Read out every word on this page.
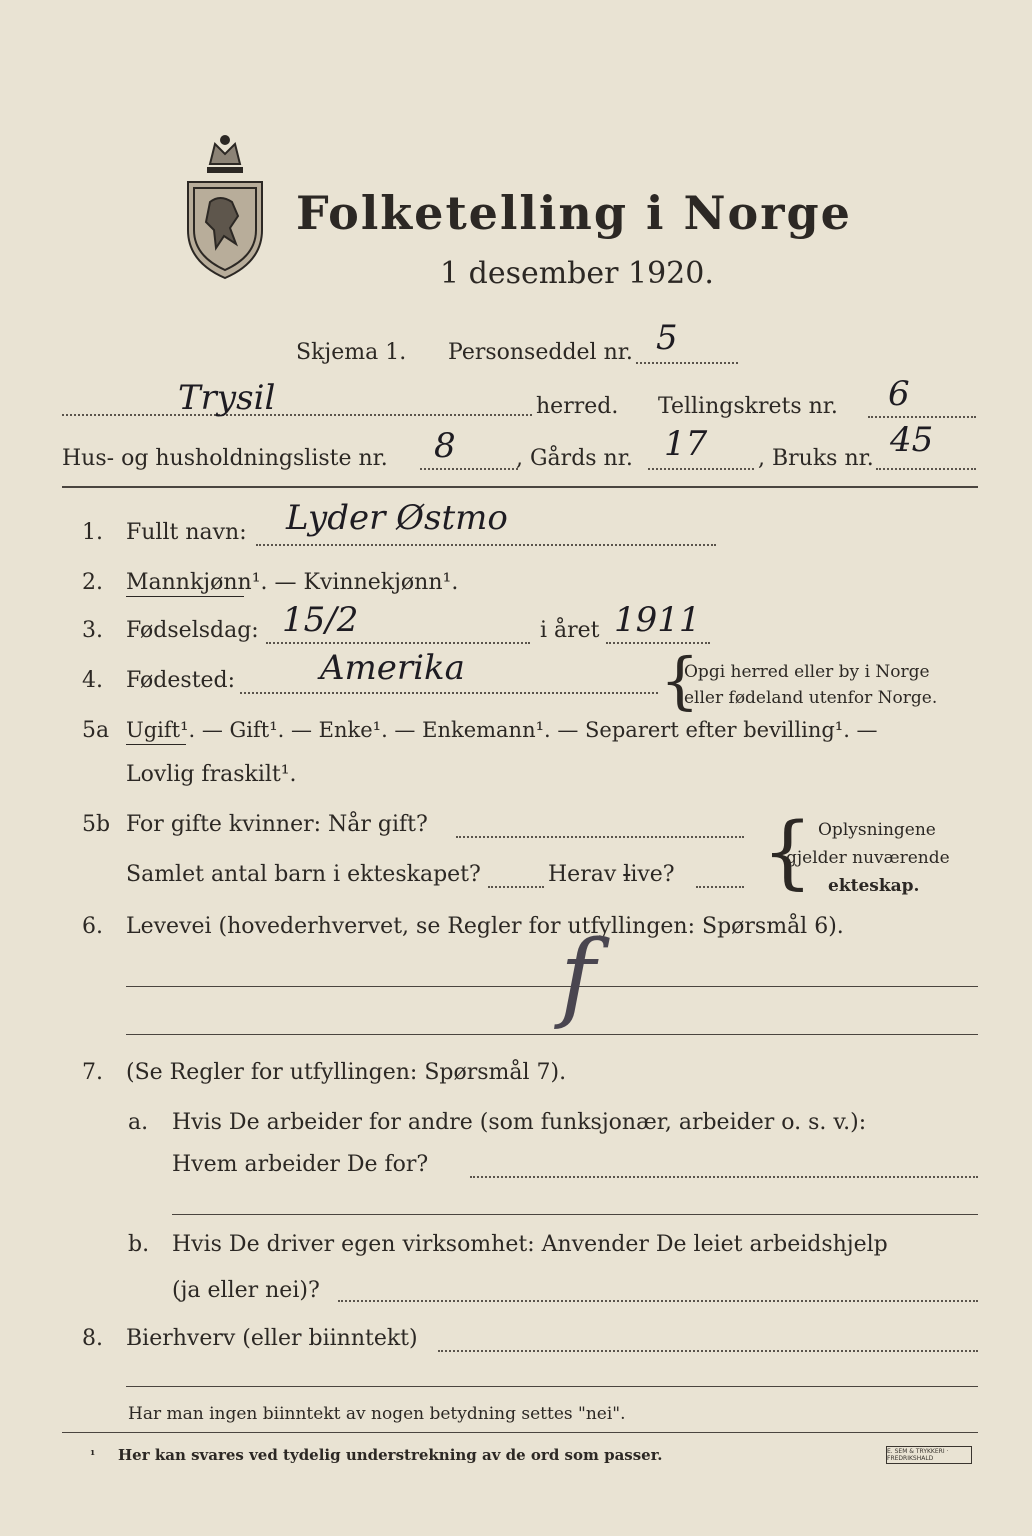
Folketelling i Norge
1 desember 1920.
Skjema 1. Personseddel nr. 5
Trysil	herred. Tellingskrets nr. 6
Hus- og husholdningsliste nr. 8	, Gårds nr. 17 , Bruks nr. 45
1. Fullt navn: Lyder Østmo
2. Mannkjønn¹. — Kvinnekjønn¹.
3. Fødselsdag: 15/2	i året 1911
4. Fødested: Amerika	{
Opgi herred eller by i Norge
eller fødeland utenfor Norge.
5a Ugift¹. — Gift¹. — Enke¹. — Enkemann¹. — Separert efter bevilling¹. —
Lovlig fraskilt¹.
5b For gifte kvinner: Når gift?
Samlet antal barn i ekteskapet?	Herav live? { Oplysningene
gjelder nuværende
ekteskap.
6. Levevei (hovederhvervet, se Regler for utfyllingen: Spørsmål 6).
f
7. (Se Regler for utfyllingen: Spørsmål 7).
a. Hvis De arbeider for andre (som funksjonær, arbeider o. s. v.):
Hvem arbeider De for?
b. Hvis De driver egen virksomhet: Anvender De leiet arbeidshjelp
(ja eller nei)?
8. Bierhverv (eller biinntekt)
Har man ingen biinntekt av nogen betydning settes "nei".
¹ Her kan svares ved tydelig understrekning av de ord som passer.	E. SEM & TRYKKERI · FREDRIKSHALD
